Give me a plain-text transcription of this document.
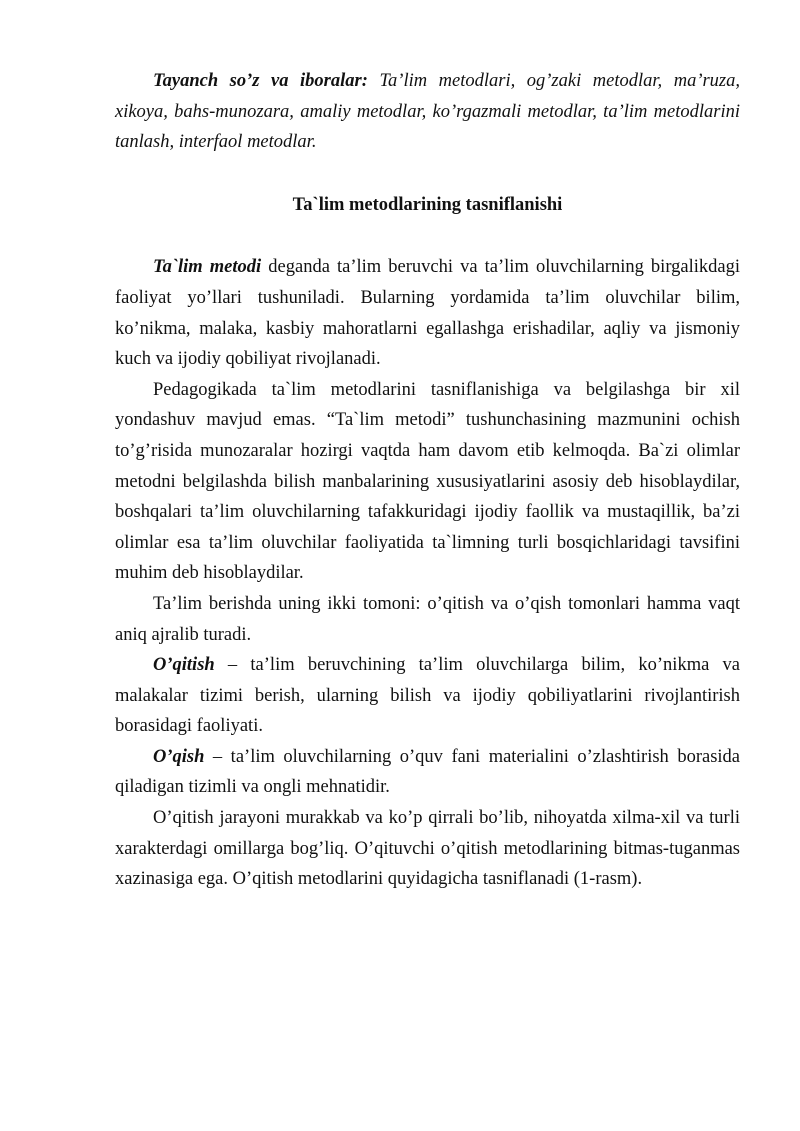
Tayanch so’z va iboralar: Ta’lim metodlari, og’zaki metodlar, ma’ruza, xikoya, bahs-munozara, amaliy metodlar, ko’rgazmali metodlar, ta’lim metodlarini tanlash, interfaol metodlar.

Ta`lim metodlarining tasniflanishi

Ta`lim metodi deganda ta’lim beruvchi va ta’lim oluvchilarning birgalikdagi faoliyat yo’llari tushuniladi. Bularning yordamida ta’lim oluvchilar bilim, ko’nikma, malaka, kasbiy mahoratlarni egallashga erishadilar, aqliy va jismoniy kuch va ijodiy qobiliyat rivojlanadi.

Pedagogikada ta`lim metodlarini tasniflanishiga va belgilashga bir xil yondashuv mavjud emas. “Ta`lim metodi” tushunchasining mazmunini ochish to’g’risida munozaralar hozirgi vaqtda ham davom etib kelmoqda. Ba`zi olimlar metodni belgilashda bilish manbalarining xususiyatlarini asosiy deb hisoblaydilar, boshqalari ta’lim oluvchilarning tafakkuridagi ijodiy faollik va mustaqillik, ba’zi olimlar esa ta’lim oluvchilar faoliyatida ta`limning turli bosqichlaridagi tavsifini muhim deb hisoblaydilar.

Ta’lim berishda uning ikki tomoni: o’qitish va o’qish tomonlari hamma vaqt aniq ajralib turadi.

O’qitish – ta’lim beruvchining ta’lim oluvchilarga bilim, ko’nikma va malakalar tizimi berish, ularning bilish va ijodiy qobiliyatlarini rivojlantirish borasidagi faoliyati.

O’qish – ta’lim oluvchilarning o’quv fani materialini o’zlashtirish borasida qiladigan tizimli va ongli mehnatidir.

O’qitish jarayoni murakkab va ko’p qirrali bo’lib, nihoyatda xilma-xil va turli xarakterdagi omillarga bog’liq. O’qituvchi o’qitish metodlarining bitmas-tuganmas xazinasiga ega. O’qitish metodlarini quyidagicha tasniflanadi (1-rasm).
